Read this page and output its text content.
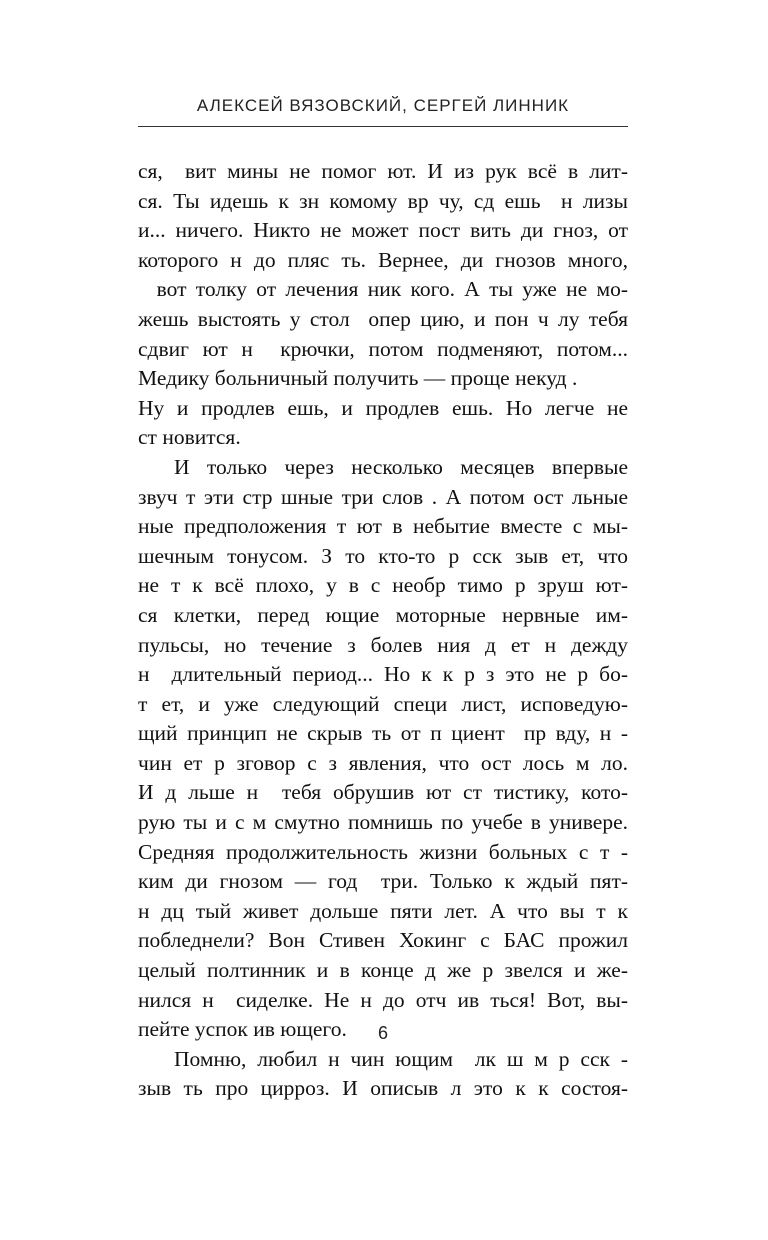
АЛЕКСЕЙ ВЯЗОВСКИЙ, СЕРГЕЙ ЛИННИК
ся,  вит мины не помог ют. И из рук всё в лит-
ся. Ты идешь к зн комому вр чу, сд ешь  н лизы
и... ничего. Никто не может пост вить ди гноз, от
которого н до пляс ть. Вернее, ди гнозов много,
вот толку от лечения ник кого. А ты уже не мо-
жешь выстоять у стол  опер цию, и пон ч лу тебя
сдвиг ют н  крючки, потом подменяют, потом...
Медику больничный получить — проще некуд .
Ну и продлев ешь, и продлев ешь. Но легче не
ст новится.
И только через несколько месяцев впервые
звуч т эти стр шные три слов . А потом ост льные
ные предположения т ют в небытие вместе с мы-
шечным тонусом. З то кто-то р сск зыв ет, что
не т к всё плохо, у в с необр тимо р зруш ют-
ся клетки, перед ющие моторные нервные им-
пульсы, но течение з болев ния д ет н дежду
н  длительный период... Но к к р з это не р бо-
т ет, и уже следующий специ лист, исповедую-
щий принцип не скрыв ть от п циент  пр вду, н -
чин ет р зговор с з явления, что ост лось м ло.
И д льше н  тебя обрушив ют ст тистику, кото-
рую ты и с м смутно помнишь по учебе в универе.
Средняя продолжительность жизни больных с т -
ким ди гнозом — год  три. Только к ждый пят-
н дц тый живет дольше пяти лет. А что вы т к
побледнели? Вон Стивен Хокинг с БАС прожил
целый полтинник и в конце д же р звелся и же-
нился н  сиделке. Не н до отч ив ться! Вот, вы-
пейте успок ив ющего.
Помню, любил н чин ющим  лк ш м р сск -
зыв ть про цирроз. И описыв л это к к состоя-
6
